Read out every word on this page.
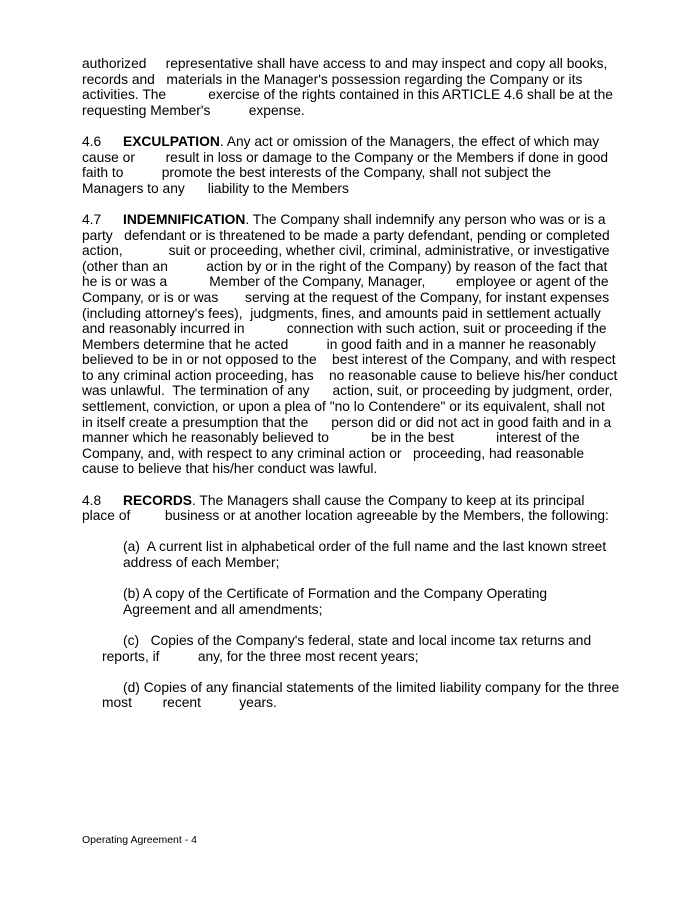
authorized     representative shall have access to and may inspect and copy all books,
records and   materials in the Manager's possession regarding the Company or its
activities. The           exercise of the rights contained in this ARTICLE 4.6 shall be at the
requesting Member's          expense.
4.6 EXCULPATION. Any act or omission of the Managers, the effect of which may
cause or        result in loss or damage to the Company or the Members if done in good
faith to          promote the best interests of the Company, shall not subject the
Managers to any      liability to the Members
4.7 INDEMNIFICATION. The Company shall indemnify any person who was or is a
party   defendant or is threatened to be made a party defendant, pending or completed
action,            suit or proceeding, whether civil, criminal, administrative, or investigative
(other than an          action by or in the right of the Company) by reason of the fact that
he is or was a           Member of the Company, Manager,        employee or agent of the
Company, or is or was       serving at the request of the Company, for instant expenses
(including attorney's fees),  judgments, fines, and amounts paid in settlement actually
and reasonably incurred in           connection with such action, suit or proceeding if the
Members determine that he acted          in good faith and in a manner he reasonably
believed to be in or not opposed to the    best interest of the Company, and with respect
to any criminal action proceeding, has    no reasonable cause to believe his/her conduct
was unlawful.  The termination of any      action, suit, or proceeding by judgment, order,
settlement, conviction, or upon a plea of "no lo Contendere" or its equivalent, shall not
in itself create a presumption that the      person did or did not act in good faith and in a
manner which he reasonably believed to           be in the best           interest of the
Company, and, with respect to any criminal action or   proceeding, had reasonable
cause to believe that his/her conduct was lawful.
4.8 RECORDS. The Managers shall cause the Company to keep at its principal
place of         business or at another location agreeable by the Members, the following:
(a)  A current list in alphabetical order of the full name and the last known street
address of each Member;
(b) A copy of the Certificate of Formation and the Company Operating
Agreement and all amendments;
(c)   Copies of the Company's federal, state and local income tax returns and
reports, if          any, for the three most recent years;
(d) Copies of any financial statements of the limited liability company for the three
most        recent          years.
Operating Agreement - 4
